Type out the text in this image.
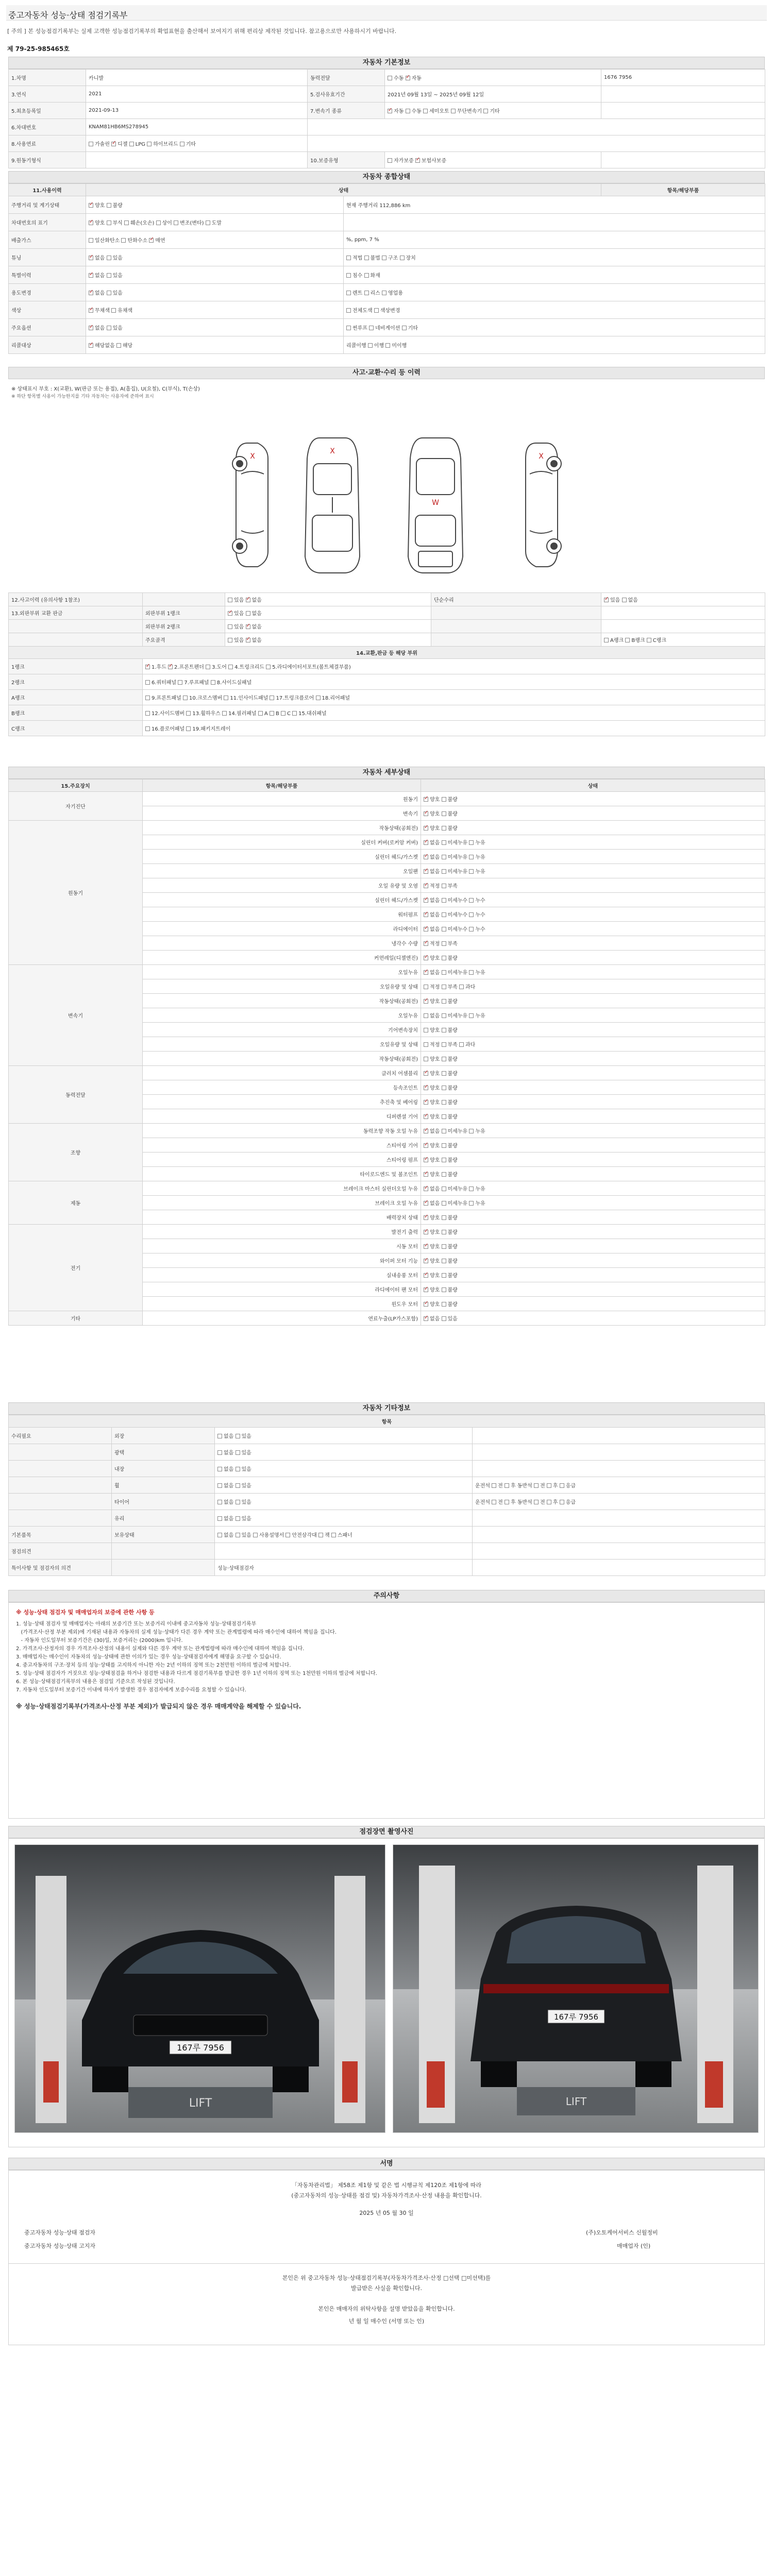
중고자동차 성능·상태 점검기록부
[ 주의 ] 본 성능점검기록부는 실제 고객한 성능점검기록부의 확업표현을 출산해서 보여지기 위해 편리상 제작된 것입니다. 참고용으로만 사용하시기 바랍니다.
제 79-25-985465호
자동차 기본정보
1.차명	카니발	동력전달	수동 ✓자동	1676 7956
3.연식	2021	5.검사유효기간	2021년 09월 13일 ~ 2025년 09월 12일	
5.최초등록일	2021-09-13	7.변속기 종류	✓자동 수동 세미오토 무단변속기 기타	
6.차대번호	KNAM81HB6MS278945			
8.사용연료	가솔린 ✓디젤 LPG 하이브리드 기타	
9.원동기형식		10.보증유형	자가보증 ✓보험사보증	
자동차 종합상태
11.사용이력	상태		항목/해당부품
주행거리 및 계기상태	✓양호 불량	현재 주행거리 112,886 km	
차대번호의 표기	✓양호 부식 훼손(오손) 상이 변조(변타) 도말	
배출가스	일산화탄소 탄화수소 ✓매연	%, ppm, 7 %	
튜닝	✓없음 있음	적법 불법 구조 장치	
특별이력	✓없음 있음	침수 화재	
용도변경	✓없음 있음	렌트 리스 영업용	
색상	✓무채색 유채색	전체도색 색상변경	
주요옵션	✓없음 있음	썬루프 네비게이션 기타	
리콜대상	✓해당없음 해당	리콜이행 이행 미이행	
사고·교환·수리 등 이력
※ 상태표시 부호 : X(교환), W(판금 또는 용접), A(흠집), U(요철), C(부식), T(손상)
※ 하단 항목별 사용이 가능한지를 기타 자동차는 사용자에 준하여 표시
X
X	X
W
12.사고이력 (유의사항 1참조)		있음 ✓없음	단순수리	✓있음 없음
13.외판부위 교환 판금	외판부위 1랭크	✓있음 없음		
	외판부위 2랭크	있음 ✓없음		
	주요골격	있음 ✓없음		A랭크 B랭크 C랭크
14.교환,판금 등 해당 부위				
1랭크	✓1.후드 ✓2.프론트펜더 3.도어 4.트렁크리드 5.라디에이터서포트(볼트체결부품)
2랭크	6.쿼터패널 7.루프패널 8.사이드실패널			
A랭크	9.프론트패널 10.크로스멤버 11.인사이드패널 17.트렁크플로어 18.리어패널			
B랭크	12.사이드멤버 13.휠하우스 14.필러패널 A B C 15.대쉬패널			
C랭크	16.플로어패널 19.패키지트레이			
자동차 세부상태
15.주요장치	항목/해당부품	상태
자기진단	원동기	✓양호 불량
	변속기	✓양호 불량
원동기	작동상태(공회전)	✓양호 불량
	실린더 커버(로커암 커버)	✓없음 미세누유 누유
	실린더 헤드/가스켓	✓없음 미세누유 누유
	오일팬	✓없음 미세누유 누유
	오일 유량 및 오염	✓적정 부족
	실린더 헤드/가스켓	✓없음 미세누수 누수
	워터펌프	✓없음 미세누수 누수
	라디에이터	✓없음 미세누수 누수
	냉각수 수량	✓적정 부족
	커먼레일(디젤엔진)	✓양호 불량
변속기	오일누유	✓없음 미세누유 누유
	오일유량 및 상태	적정 부족 과다
	작동상태(공회전)	✓양호 불량
	오일누유	없음 미세누유 누유
	기어변속장치	양호 불량
	오일유량 및 상태	적정 부족 과다
	작동상태(공회전)	양호 불량
동력전달	클러치 어셈블리	✓양호 불량
	등속조인트	✓양호 불량
	추진축 및 베어링	✓양호 불량
	디퍼렌셜 기어	✓양호 불량
조향	동력조향 작동 오일 누유	✓없음 미세누유 누유
	스티어링 기어	✓양호 불량
	스티어링 펌프	✓양호 불량
	타이로드엔드 및 볼조인트	✓양호 불량
제동	브레이크 마스터 실린더오일 누유	✓없음 미세누유 누유
	브레이크 오일 누유	✓없음 미세누유 누유
	배력장치 상태	✓양호 불량
전기	발전기 출력	✓양호 불량
	시동 모터	✓양호 불량
	와이퍼 모터 기능	✓양호 불량
	실내송풍 모터	✓양호 불량
	라디에이터 팬 모터	✓양호 불량
	윈도우 모터	✓양호 불량
기타	연료누출(LP가스포함)	✓없음 있음
자동차 기타정보
항목			
수리필요	외장	없음 있음	
	광택	없음 있음	
	내장	없음 있음	
	휠	없음 있음	운전석 전 후 동반석 전 후 응급
	타이어	없음 있음	운전석 전 후 동반석 전 후 응급
	유리	없음 있음	
기본품목	보유상태	없음 있음 사용설명서 안전삼각대 잭 스패너	
점검의견			
특이사항 및 점검자의 의견		성능·상태점검자	
주의사항
※ 성능·상태 점검자 및 매매업자의 보증에 관한 사항 등
1. 성능·상태 점검자 및 매매업자는 아래의 보증기간 또는 보증거리 이내에 중고자동차 성능·상태점검기록부
(가격조사·산정 부분 제외)에 기재된 내용과 자동차의 실제 성능·상태가 다른 경우 계약 또는 관계법령에 따라 매수인에 대하여 책임을 집니다.
- 자동차 인도일부터 보증기간은 (30)일, 보증거리는 (2000)km 입니다.
2. 가격조사·산정자의 경우 가격조사·산정의 내용이 실제와 다른 경우 계약 또는 관계법령에 따라 매수인에 대하여 책임을 집니다.
3. 매매업자는 매수인이 자동차의 성능·상태에 관한 이의가 있는 경우 성능·상태점검자에게 해명을 요구할 수 있습니다.
4. 중고자동차의 구조·장치 등의 성능·상태를 고지하지 아니한 자는 2년 이하의 징역 또는 2천만원 이하의 벌금에 처합니다.
5. 성능·상태 점검자가 거짓으로 성능·상태점검을 하거나 점검한 내용과 다르게 점검기록부를 발급한 경우 1년 이하의 징역 또는 1천만원 이하의 벌금에 처합니다.
6. 본 성능·상태점검기록부의 내용은 점검일 기준으로 작성된 것입니다.
7. 자동차 인도일부터 보증기간 이내에 하자가 발생한 경우 점검자에게 보증수리를 요청할 수 있습니다.
※ 성능·상태점검기록부(가격조사·산정 부분 제외)가 발급되지 않은 경우 매매계약을 해제할 수 있습니다.
점검장면 촬영사진
167루 7956
LIFT
167루 7956
LIFT
서명
「자동차관리법」 제58조 제1항 및 같은 법 시행규칙 제120조 제1항에 따라
(중고자동차의 성능·상태를 점검 및) 자동차가격조사·산정 내용을 확인합니다.
2025 년 05 월 30 일
중고자동차 성능·상태 점검자	(주)오토케어서비스 신월정비
중고자동차 성능·상태 고지자	매매업자 (인)
본인은 위 중고자동차 성능·상태점검기록부(자동차가격조사·산정 □선택 □미선택)를
발급받은 사실을 확인합니다.
본인은 매매자의 위탁사항을 설명 받았음을 확인합니다.
년 월 일 매수인 (서명 또는 인)
